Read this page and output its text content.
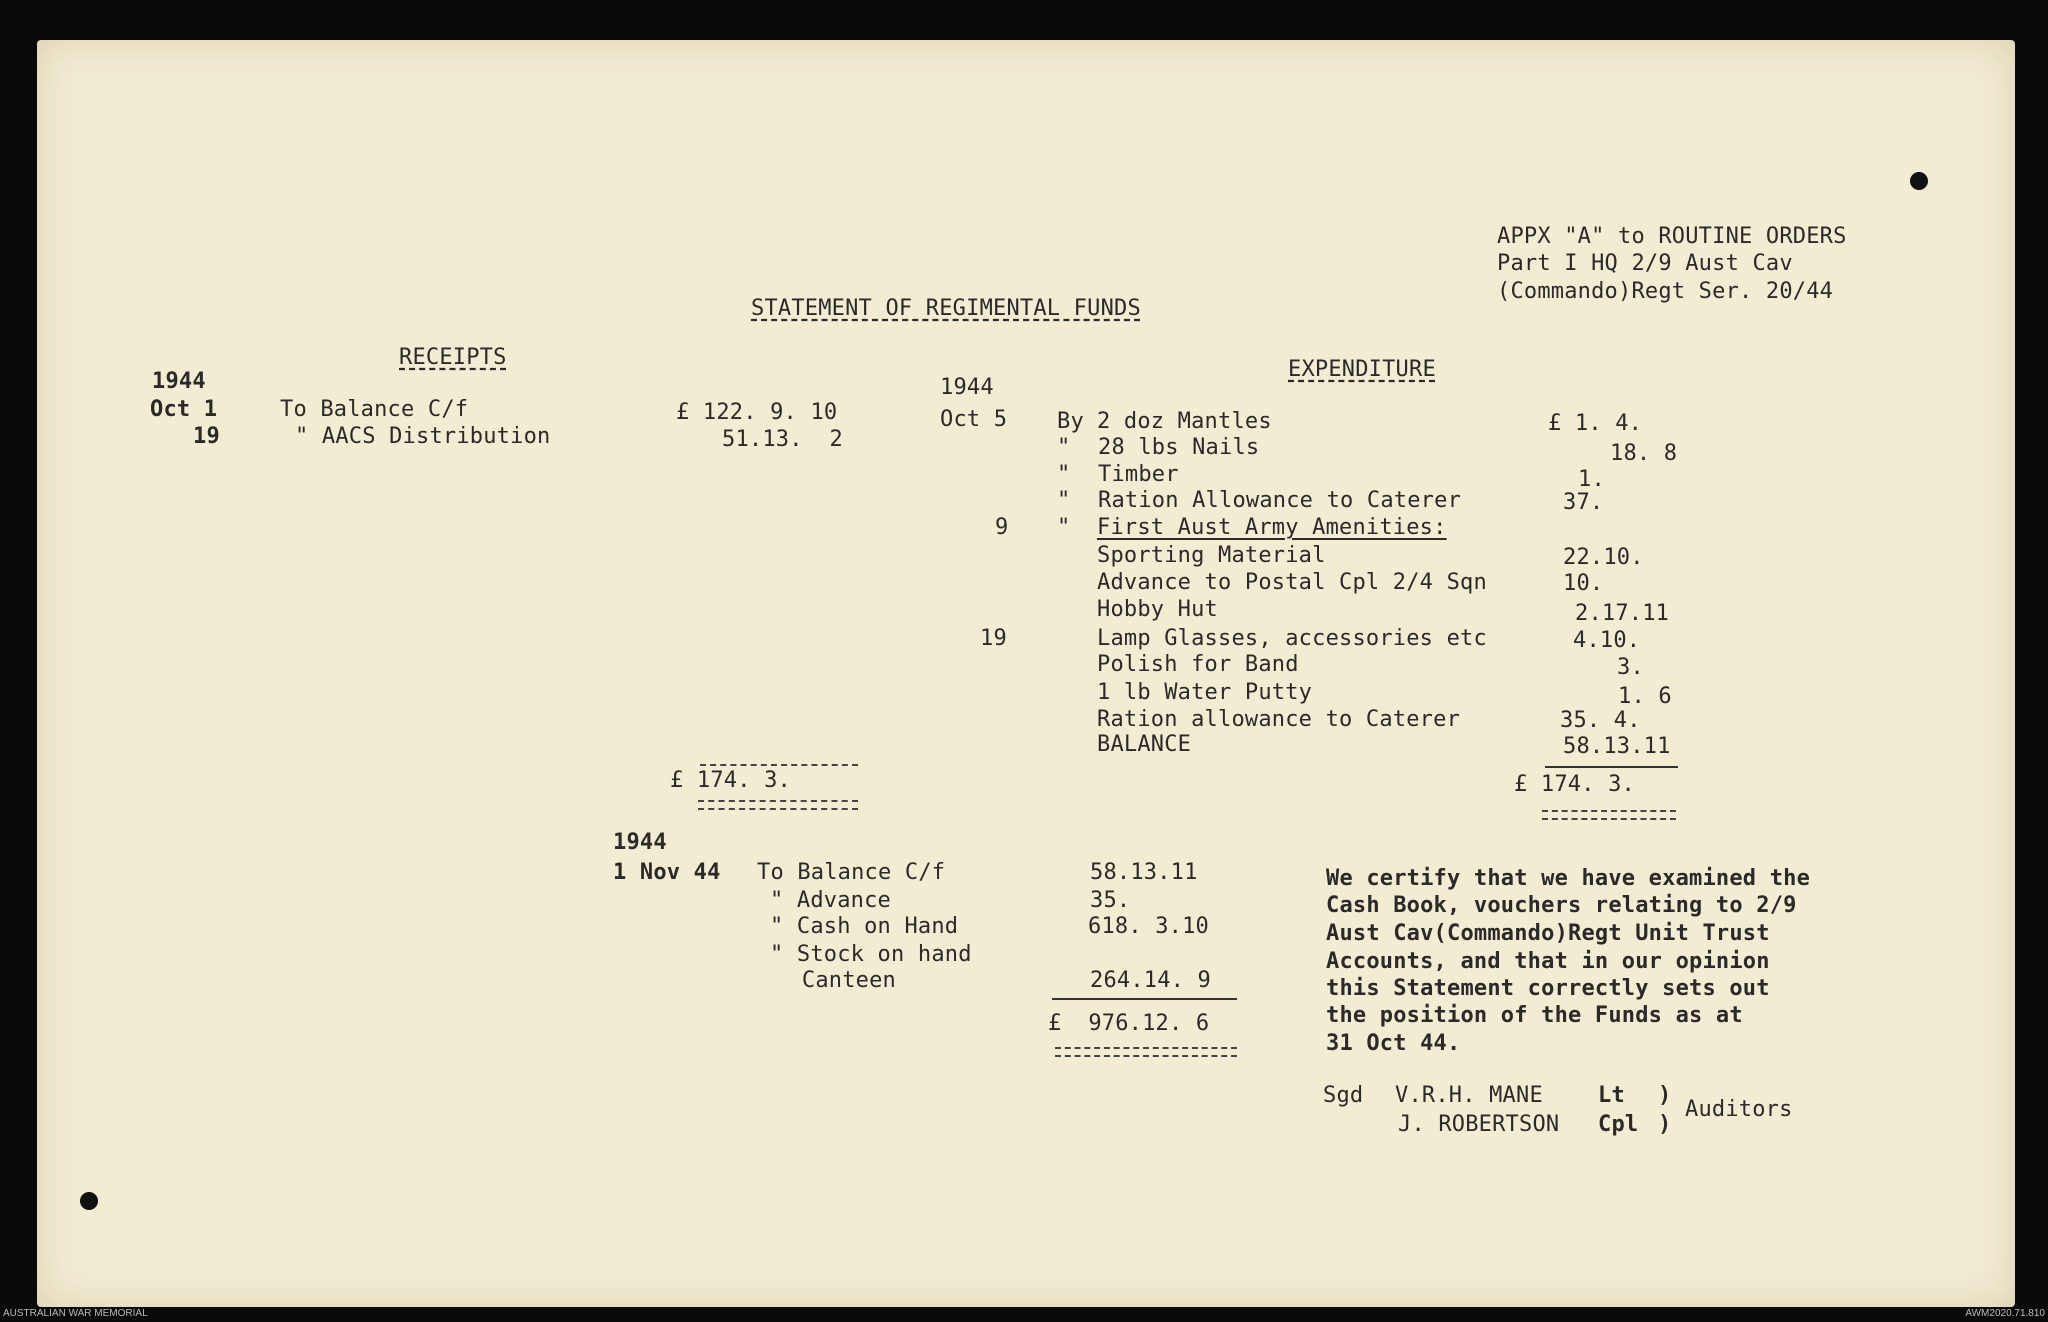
APPX "A" to ROUTINE ORDERS
Part I HQ 2/9 Aust Cav
(Commando)Regt Ser. 20/44
STATEMENT OF REGIMENTAL FUNDS
RECEIPTS
1944
Oct 1	To Balance C/f	£ 122. 9. 10
19	" AACS Distribution	51.13.  2
£ 174. 3.
EXPENDITURE
1944
Oct 5 By 2 doz Mantles	£ 1. 4.
" 28 lbs Nails	18. 8
" Timber	1.
" Ration Allowance to Caterer	37.
9 " First Aust Army Amenities:
Sporting Material	22.10.
Advance to Postal Cpl 2/4 Sqn	10.
Hobby Hut	2.17.11
19	Lamp Glasses, accessories etc	4.10.
Polish for Band	3.
1 lb Water Putty	1. 6
Ration allowance to Caterer	35. 4.
BALANCE	58.13.11
£ 174. 3.
1944
1 Nov 44 To Balance C/f	58.13.11
" Advance	35.
" Cash on Hand	618. 3.10
" Stock on hand
Canteen	264.14. 9
£  976.12. 6
We certify that we have examined the
Cash Book, vouchers relating to 2/9
Aust Cav(Commando)Regt Unit Trust
Accounts, and that in our opinion
this Statement correctly sets out
the position of the Funds as at
31 Oct 44.
Sgd V.R.H. MANE	Lt )
J. ROBERTSON Cpl )
Auditors
AUSTRALIAN WAR MEMORIAL	AWM2020.71.810
